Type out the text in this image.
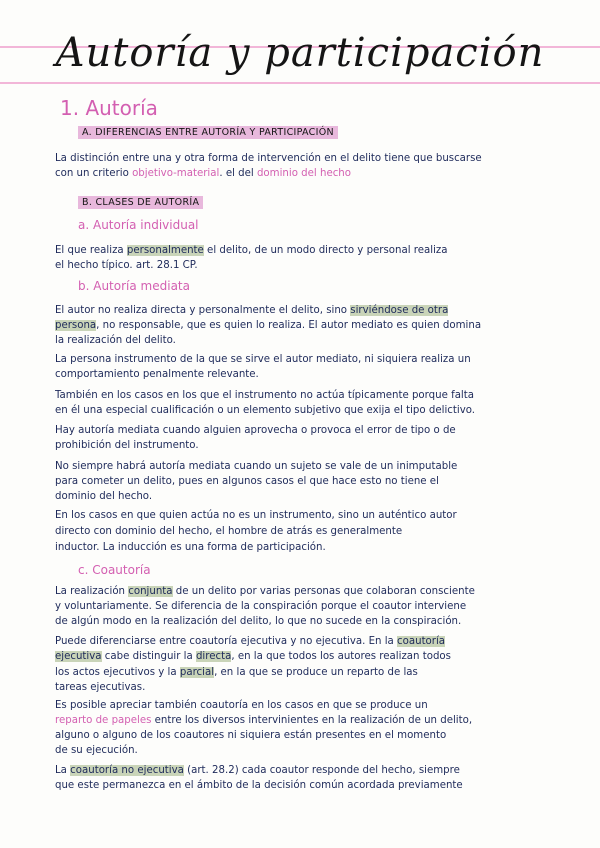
Autoría y participación
1. Autoría
A. DIFERENCIAS ENTRE AUTORÍA Y PARTICIPACIÓN
La distinción entre una y otra forma de intervención en el delito tiene que buscarse
con un criterio objetivo-material. el del dominio del hecho
B. CLASES DE AUTORÍA
a. Autoría individual
El que realiza personalmente el delito, de un modo directo y personal realiza
el hecho típico. art. 28.1 CP.
b. Autoría mediata
El autor no realiza directa y personalmente el delito, sino sirviéndose de otra
persona, no responsable, que es quien lo realiza. El autor mediato es quien domina
la realización del delito.
La persona instrumento de la que se sirve el autor mediato, ni siquiera realiza un
comportamiento penalmente relevante.
También en los casos en los que el instrumento no actúa típicamente porque falta
en él una especial cualificación o un elemento subjetivo que exija el tipo delictivo.
Hay autoría mediata cuando alguien aprovecha o provoca el error de tipo o de
prohibición del instrumento.
No siempre habrá autoría mediata cuando un sujeto se vale de un inimputable
para cometer un delito, pues en algunos casos el que hace esto no tiene el
dominio del hecho.
En los casos en que quien actúa no es un instrumento, sino un auténtico autor
directo con dominio del hecho, el hombre de atrás es generalmente
inductor. La inducción es una forma de participación.
c. Coautoría
La realización conjunta de un delito por varias personas que colaboran consciente
y voluntariamente. Se diferencia de la conspiración porque el coautor interviene
de algún modo en la realización del delito, lo que no sucede en la conspiración.
Puede diferenciarse entre coautoría ejecutiva y no ejecutiva. En la coautoría
ejecutiva cabe distinguir la directa, en la que todos los autores realizan todos
los actos ejecutivos y la parcial, en la que se produce un reparto de las
tareas ejecutivas.
Es posible apreciar también coautoría en los casos en que se produce un
reparto de papeles entre los diversos intervinientes en la realización de un delito,
alguno o alguno de los coautores ni siquiera están presentes en el momento
de su ejecución.
La coautoría no ejecutiva (art. 28.2) cada coautor responde del hecho, siempre
que este permanezca en el ámbito de la decisión común acordada previamente
